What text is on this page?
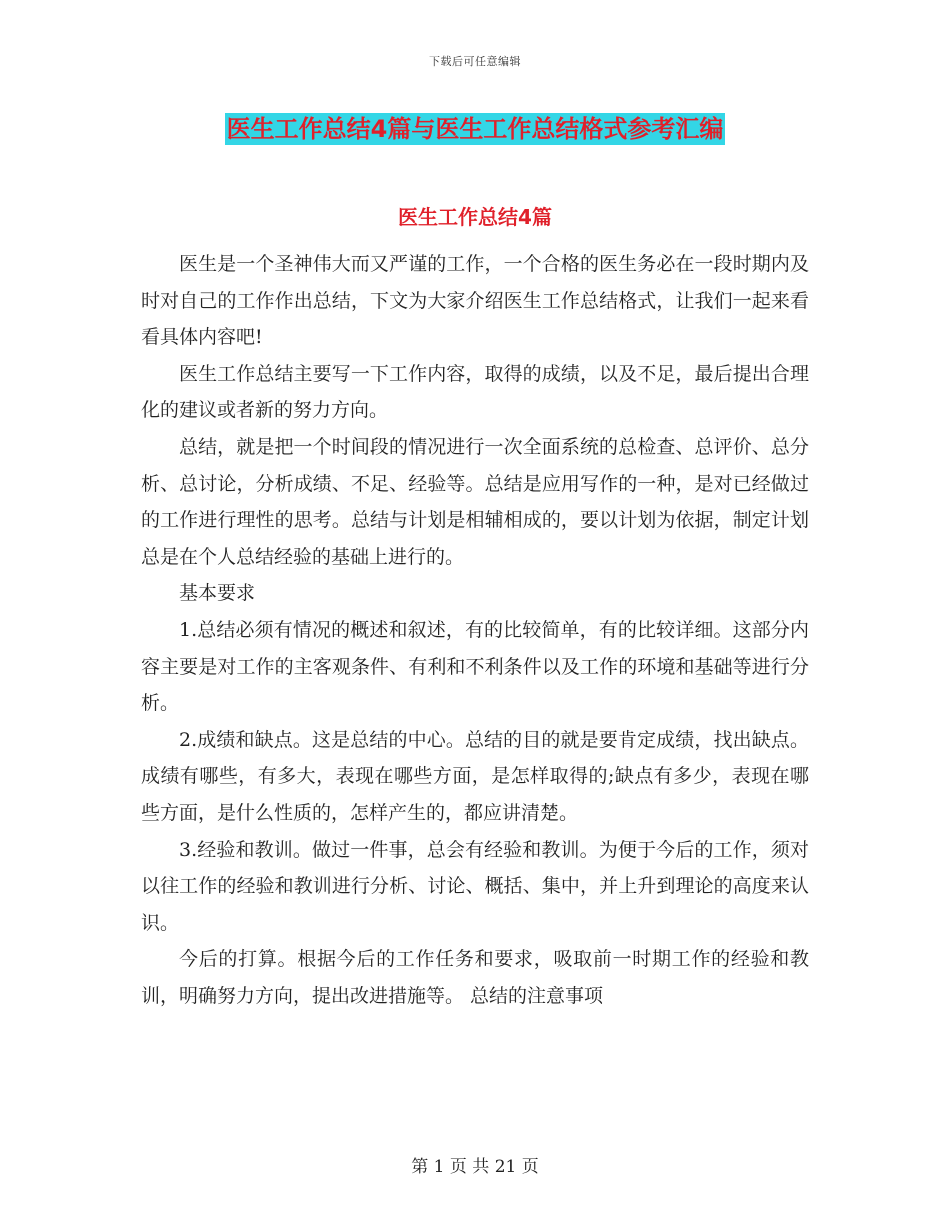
下载后可任意编辑
医生工作总结4篇与医生工作总结格式参考汇编
医生工作总结4篇

医生是一个圣神伟大而又严谨的工作，一个合格的医生务必在一段时期内及时对自己的工作作出总结，下文为大家介绍医生工作总结格式，让我们一起来看看具体内容吧!

医生工作总结主要写一下工作内容，取得的成绩，以及不足，最后提出合理化的建议或者新的努力方向。

总结，就是把一个时间段的情况进行一次全面系统的总检查、总评价、总分析、总讨论，分析成绩、不足、经验等。总结是应用写作的一种，是对已经做过的工作进行理性的思考。总结与计划是相辅相成的，要以计划为依据，制定计划总是在个人总结经验的基础上进行的。

基本要求

1.总结必须有情况的概述和叙述，有的比较简单，有的比较详细。这部分内容主要是对工作的主客观条件、有利和不利条件以及工作的环境和基础等进行分析。

2.成绩和缺点。这是总结的中心。总结的目的就是要肯定成绩，找出缺点。成绩有哪些，有多大，表现在哪些方面，是怎样取得的;缺点有多少，表现在哪些方面，是什么性质的，怎样产生的，都应讲清楚。

3.经验和教训。做过一件事，总会有经验和教训。为便于今后的工作，须对以往工作的经验和教训进行分析、讨论、概括、集中，并上升到理论的高度来认识。

今后的打算。根据今后的工作任务和要求，吸取前一时期工作的经验和教训，明确努力方向，提出改进措施等。 总结的注意事项

第 1 页 共 21 页
